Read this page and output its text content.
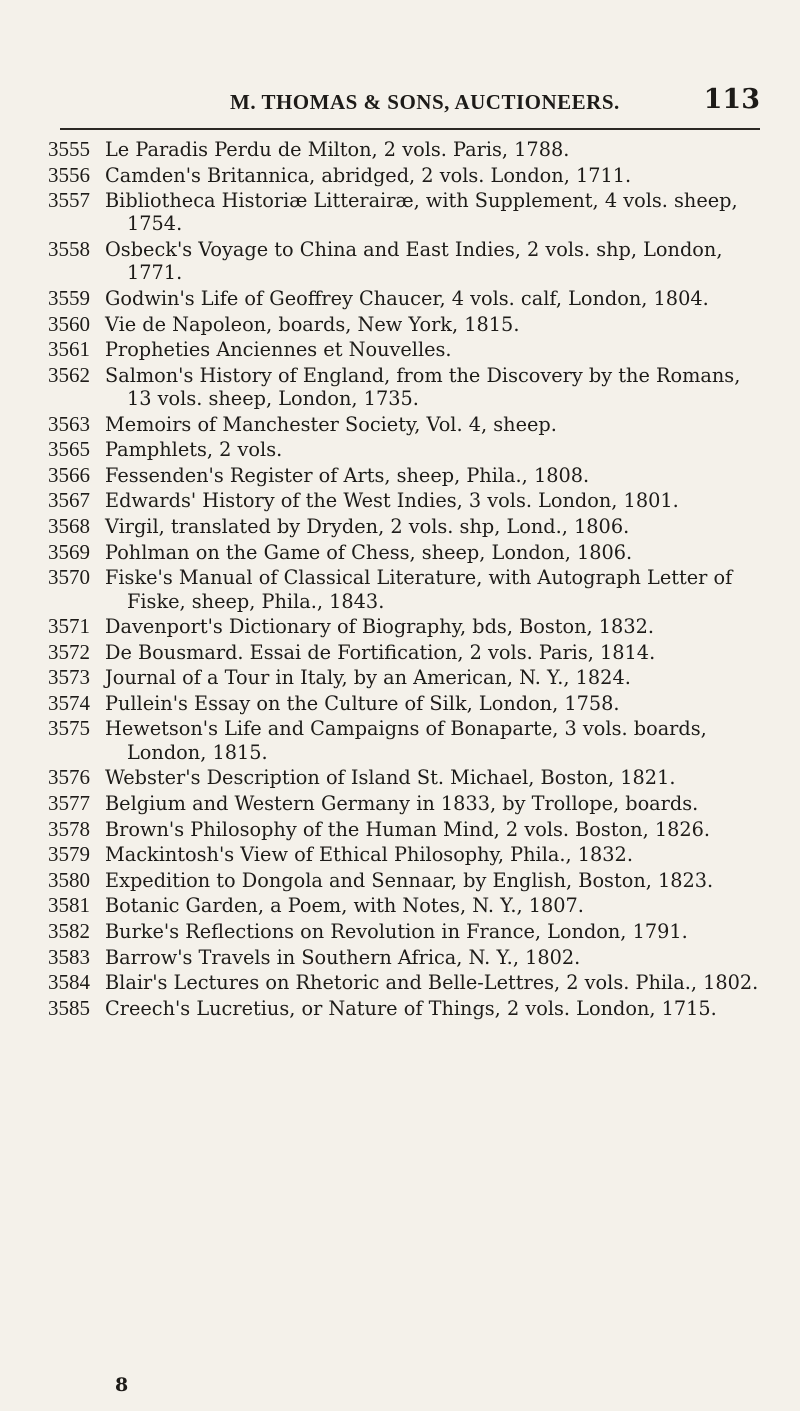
M. THOMAS & SONS, AUCTIONEERS.	113
3555 Le Paradis Perdu de Milton, 2 vols. Paris, 1788.
3556 Camden's Britannica, abridged, 2 vols. London, 1711.
3557 Bibliotheca Historiæ Litterairæ, with Supplement, 4 vols. sheep, 1754.
3558 Osbeck's Voyage to China and East Indies, 2 vols. shp, London, 1771.
3559 Godwin's Life of Geoffrey Chaucer, 4 vols. calf, London, 1804.
3560 Vie de Napoleon, boards, New York, 1815.
3561 Propheties Anciennes et Nouvelles.
3562 Salmon's History of England, from the Discovery by the Romans, 13 vols. sheep, London, 1735.
3563 Memoirs of Manchester Society, Vol. 4, sheep.
3565 Pamphlets, 2 vols.
3566 Fessenden's Register of Arts, sheep, Phila., 1808.
3567 Edwards' History of the West Indies, 3 vols. London, 1801.
3568 Virgil, translated by Dryden, 2 vols. shp, Lond., 1806.
3569 Pohlman on the Game of Chess, sheep, London, 1806.
3570 Fiske's Manual of Classical Literature, with Autograph Letter of Fiske, sheep, Phila., 1843.
3571 Davenport's Dictionary of Biography, bds, Boston, 1832.
3572 De Bousmard. Essai de Fortification, 2 vols. Paris, 1814.
3573 Journal of a Tour in Italy, by an American, N. Y., 1824.
3574 Pullein's Essay on the Culture of Silk, London, 1758.
3575 Hewetson's Life and Campaigns of Bonaparte, 3 vols. boards, London, 1815.
3576 Webster's Description of Island St. Michael, Boston, 1821.
3577 Belgium and Western Germany in 1833, by Trollope, boards.
3578 Brown's Philosophy of the Human Mind, 2 vols. Boston, 1826.
3579 Mackintosh's View of Ethical Philosophy, Phila., 1832.
3580 Expedition to Dongola and Sennaar, by English, Boston, 1823.
3581 Botanic Garden, a Poem, with Notes, N. Y., 1807.
3582 Burke's Reflections on Revolution in France, London, 1791.
3583 Barrow's Travels in Southern Africa, N. Y., 1802.
3584 Blair's Lectures on Rhetoric and Belle-Lettres, 2 vols. Phila., 1802.
3585 Creech's Lucretius, or Nature of Things, 2 vols. London, 1715.
8
